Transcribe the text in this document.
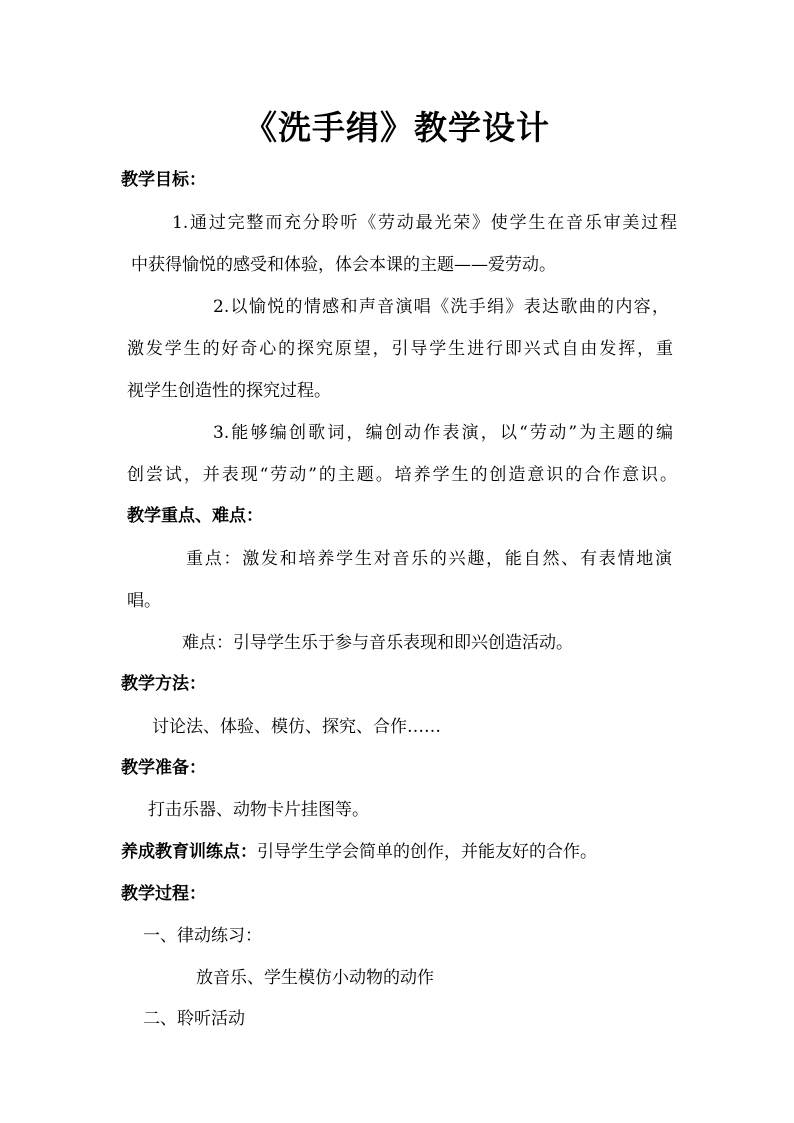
《洗手绢》教学设计
教学目标：
1.通过完整而充分聆听《劳动最光荣》使学生在音乐审美过程
中获得愉悦的感受和体验，体会本课的主题——爱劳动。
2.以愉悦的情感和声音演唱《洗手绢》表达歌曲的内容，
激发学生的好奇心的探究原望，引导学生进行即兴式自由发挥，重
视学生创造性的探究过程。
3.能够编创歌词，编创动作表演，以“劳动”为主题的编
创尝试，并表现“劳动”的主题。培养学生的创造意识的合作意识。
教学重点、难点：
重点：激发和培养学生对音乐的兴趣，能自然、有表情地演
唱。
难点：引导学生乐于参与音乐表现和即兴创造活动。
教学方法：
讨论法、体验、模仿、探究、合作……
教学准备：
打击乐器、动物卡片挂图等。
养成教育训练点：引导学生学会简单的创作，并能友好的合作。
教学过程：
一、律动练习：
放音乐、学生模仿小动物的动作
二、聆听活动
